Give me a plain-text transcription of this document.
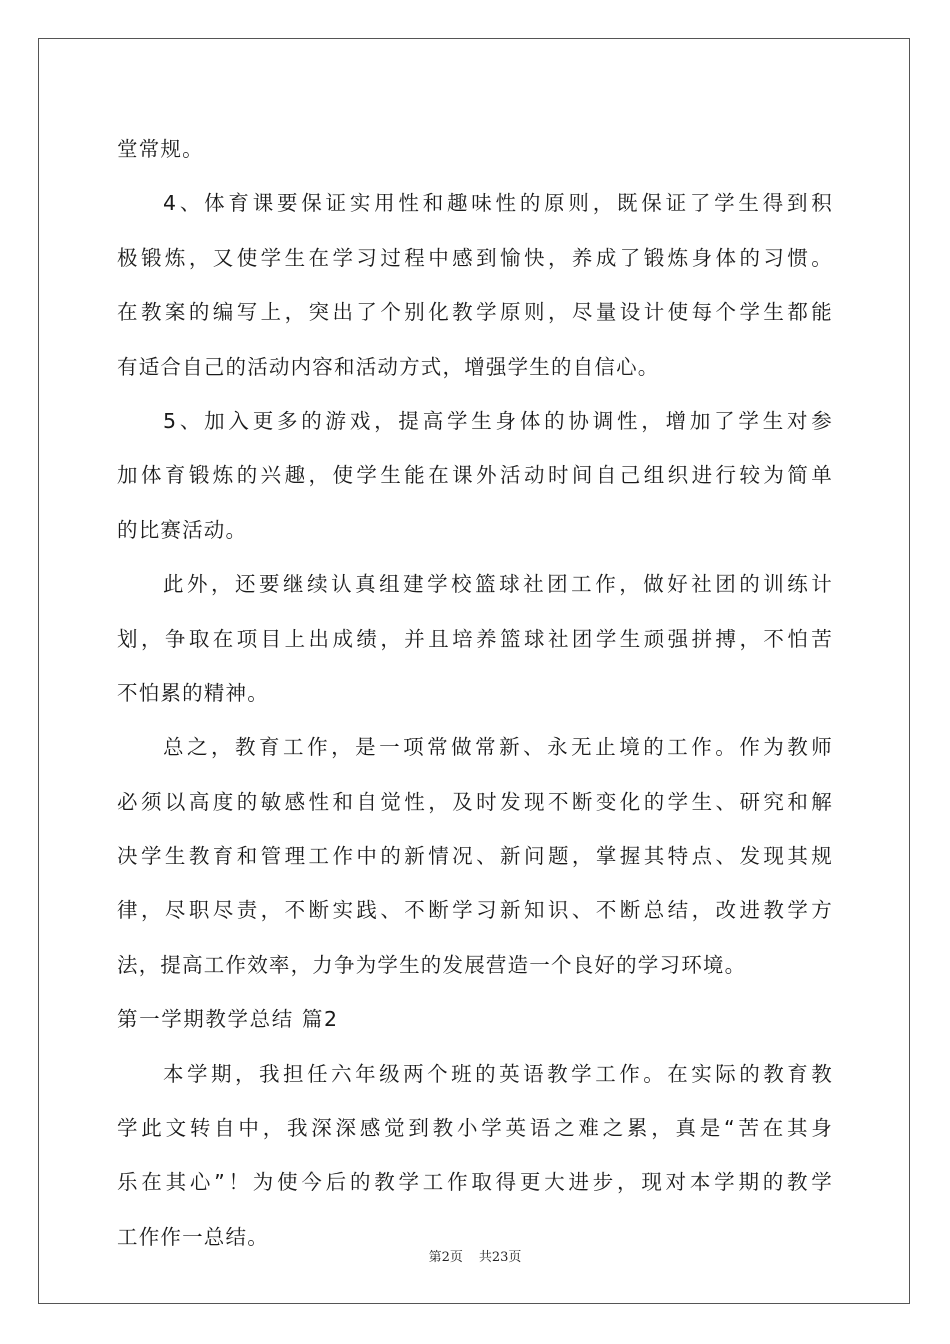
堂常规。
4、体育课要保证实用性和趣味性的原则，既保证了学生得到积
极锻炼，又使学生在学习过程中感到愉快，养成了锻炼身体的习惯。
在教案的编写上，突出了个别化教学原则，尽量设计使每个学生都能
有适合自己的活动内容和活动方式，增强学生的自信心。
5、加入更多的游戏，提高学生身体的协调性，增加了学生对参
加体育锻炼的兴趣，使学生能在课外活动时间自己组织进行较为简单
的比赛活动。
此外，还要继续认真组建学校篮球社团工作，做好社团的训练计
划，争取在项目上出成绩，并且培养篮球社团学生顽强拼搏，不怕苦
不怕累的精神。
总之，教育工作，是一项常做常新、永无止境的工作。作为教师
必须以高度的敏感性和自觉性，及时发现不断变化的学生、研究和解
决学生教育和管理工作中的新情况、新问题，掌握其特点、发现其规
律，尽职尽责，不断实践、不断学习新知识、不断总结，改进教学方
法，提高工作效率，力争为学生的发展营造一个良好的学习环境。
第一学期教学总结 篇2
本学期，我担任六年级两个班的英语教学工作。在实际的教育教
学此文转自中，我深深感觉到教小学英语之难之累，真是“苦在其身
乐在其心”！为使今后的教学工作取得更大进步，现对本学期的教学
工作作一总结。
第2页 共23页
